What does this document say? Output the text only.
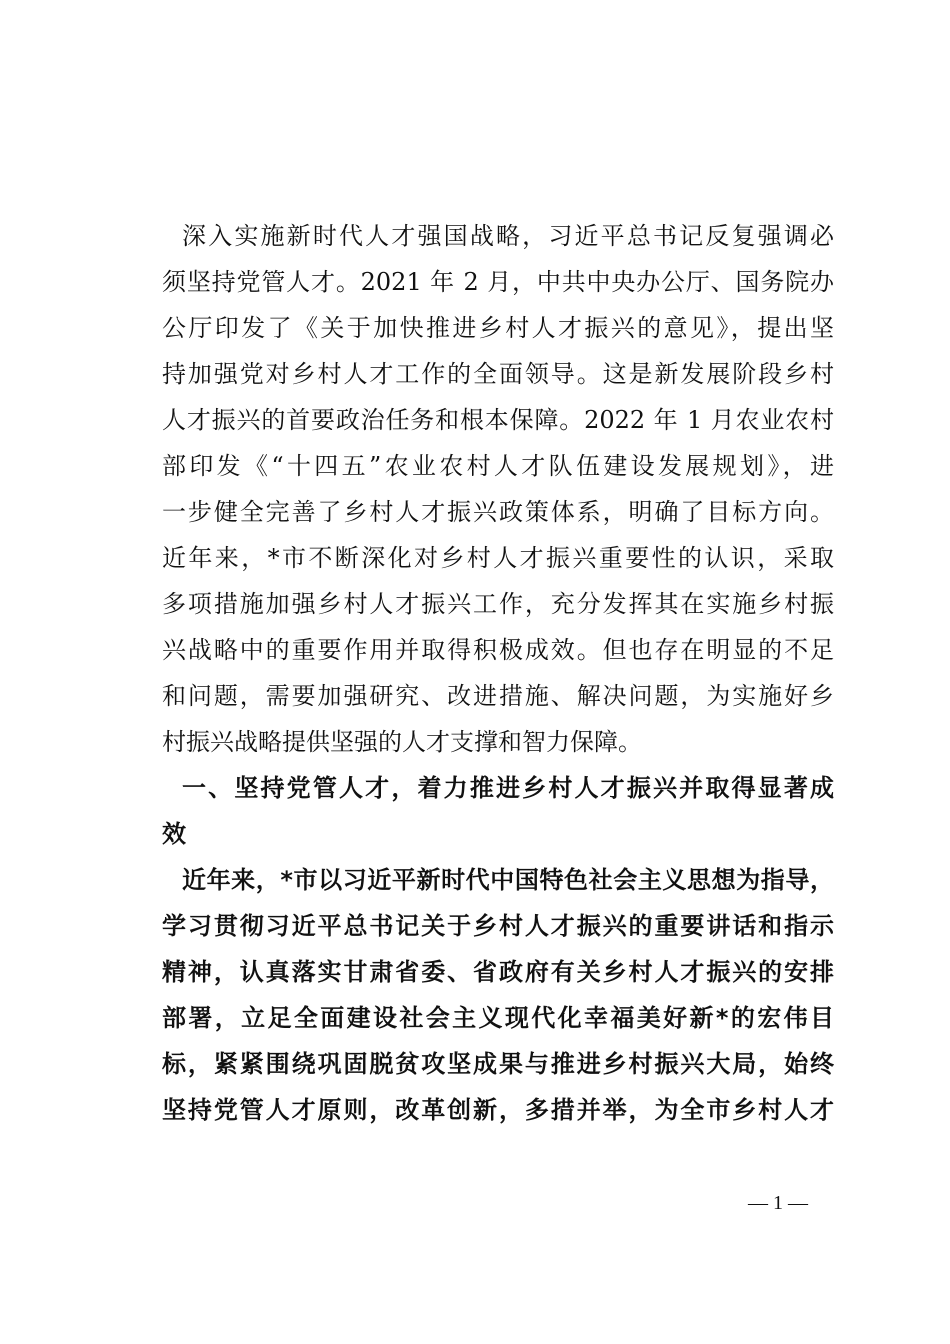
深入实施新时代人才强国战略，习近平总书记反复强调必
须坚持党管人才。2021 年 2 月，中共中央办公厅、国务院办
公厅印发了《关于加快推进乡村人才振兴的意见》，提出坚
持加强党对乡村人才工作的全面领导。这是新发展阶段乡村
人才振兴的首要政治任务和根本保障。2022 年 1 月农业农村
部印发《“十四五”农业农村人才队伍建设发展规划》，进
一步健全完善了乡村人才振兴政策体系，明确了目标方向。
近年来，*市不断深化对乡村人才振兴重要性的认识，采取
多项措施加强乡村人才振兴工作，充分发挥其在实施乡村振
兴战略中的重要作用并取得积极成效。但也存在明显的不足
和问题，需要加强研究、改进措施、解决问题，为实施好乡
村振兴战略提供坚强的人才支撑和智力保障。
一、坚持党管人才，着力推进乡村人才振兴并取得显著成
效
近年来，*市以习近平新时代中国特色社会主义思想为指导，
学习贯彻习近平总书记关于乡村人才振兴的重要讲话和指示
精神，认真落实甘肃省委、省政府有关乡村人才振兴的安排
部署，立足全面建设社会主义现代化幸福美好新*的宏伟目
标，紧紧围绕巩固脱贫攻坚成果与推进乡村振兴大局，始终
坚持党管人才原则，改革创新，多措并举，为全市乡村人才
— 1 —
